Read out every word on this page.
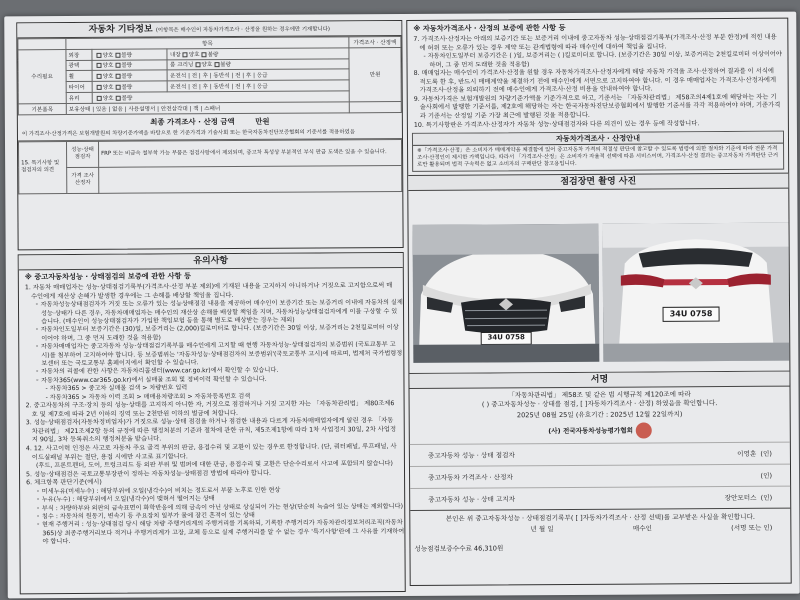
자동차 기타정보 (이항목은 매수인이 자동차가격조사 · 산정을 원하는 경우에만 기재합니다)
	항목			가격조사 · 산정액
수리필요	외장	양호 불량	내장 양호 불량	만원
	광택	양호 불량	룸 크리닝 양호 불량	
	휠	양호 불량	운전석 | 전 | 후 | 동반석 | 전 | 후 | 응급	
	타이어	양호 불량	운전석 | 전 | 후 | 동반석 | 전 | 후 | 응급	
	유리	양호 불량		
기본품목	보유상태 | 있음 | 없음 | 사용설명서 | 안전삼각대 | 잭 | 스패너			
최종 가격조사 · 산정 금액	만원
이 가격조사·산정가격은 보험개발원의 차량기준가액을 바탕으로 한 기준가격과 기술사회 또는 한국자동차진단보증협회의 기준서를 적용하였음
15. 특기사항 및 점검자의 의견	성능·상태 점검자	FRP 또는 비금속 철부착 가능 부품은 점검사항에서 제외되며, 중고차 특성상 부분적인 부식 판금 도색은 있을 수 있습니다.
	가격 조사 산정자	
유의사항
※ 중고자동차성능 · 상태점검의 보증에 관한 사항 등
1. 자동차 매매업자는 성능·상태점검기록부(가격조사·산정 부분 제외)에 기재된 내용을 고지하지 아니하거나 거짓으로 고지함으로써 매수인에게 재산상 손해가 발생한 경우에는 그 손해를 배상할 책임을 집니다.
◦ 자동차성능상태점검자가 거짓 또는 오류가 있는 성능상태점검 내용을 제공하여 매수인이 보증기간 또는 보증거리 이내에 자동차의 실제 성능·상태가 다른 경우, 자동차매매업자는 매수인의 재산상 손해를 배상할 책임을 지며, 자동차성능상태점검자에게 이를 구상할 수 있습니다. (매수인이 성능상태점검자가 가입한 책임보험 등을 통해 별도로 배상받는 경우는 제외)
◦ 자동차인도일부터 보증기간은 (30)일, 보증거리는 (2,000)킬로미터로 합니다. (보증기간은 30일 이상, 보증거리는 2천킬로미터 이상이어야 하며, 그 중 먼저 도래한 것을 적용함)
◦ 자동차매매업자는 중고자동차 성능·상태점검기록부를 매수인에게 고지할 때 현행 자동차성능·상태점검자의 보증범위 (국토교통부 고시)를 첨부하여 고지하여야 합니다. 등 보증범위는 '자동차성능·상태점검자의 보증범위'(국토교통부 고시)에 따르며, 법제처 국가법령정보센터 또는 국토교통부 홈페이지에서 확인할 수 있습니다.
◦ 자동차의 리콜에 관한 사항은 자동차리콜센터(www.car.go.kr)에서 확인할 수 있습니다.
◦ 자동차365(www.car365.go.kr)에서 실매물 조회 및 정비이력 확인할 수 있습니다.
- 자동차365 > 중고차 실매물 검색 > 차량번호 입력
- 자동차365 > 자동차 이력 조회 > 매매용차량조회 > 자동차등록번호 검색
2. 중고자동차의 구조·장치 등의 성능·상태를 고지하지 아니한 자, 거짓으로 점검하거나 거짓 고지한 자는 「자동차관리법」 제80조제6호 및 제7호에 따라 2년 이하의 징역 또는 2천만원 이하의 벌금에 처합니다.
3. 성능·상태점검자(자동차정비업자)가 거짓으로 성능·상태 점검을 하거나 점검한 내용과 다르게 자동차매매업자에게 알린 경우 「자동차관리법」 제21조제2항 등의 규정에 따른 행정처분의 기준과 절차에 관한 규칙, 제5조제1항에 따라 1차 사업정지 30일, 2차 사업정지 90일, 3차 등록취소의 행정처분을 받습니다.
4. 12. 사고이력 인정은 사고로 자동차 주요 골격 부위의 판금, 용접수리 및 교환이 있는 경우로 한정합니다. (단, 쿼터패널, 루프패널, 사이드실패널 부위는 절단, 용접 시에만 사고로 표기합니다.
(후드, 프론트펜더, 도어, 트렁크리드 등 외판 부위 및 범퍼에 대한 판금, 용접수리 및 교환은 단순수리로서 사고에 포함되지 않습니다)
5. 성능·상태점검은 국토교통부장관이 정하는 자동차성능·상태점검 방법에 따라야 합니다.
6. 체크항목 판단기준(예시)
◦ 미세누유(미세누수) : 해당부위에 오일(냉각수)이 비치는 정도로서 부품 노후로 인한 현상
◦ 누유(누수) : 해당부위에서 오일(냉각수)이 맺혀서 떨어지는 상태
◦ 부식 : 차량하부와 외판의 금속표면이 화학반응에 의해 금속이 아닌 상태로 상실되어 가는 현상(단순히 녹슬어 있는 상태는 제외합니다)
◦ 침수 : 자동차의 원동기, 변속기 등 주요장치 일부가 물에 잠긴 흔적이 있는 상태
◦ 현재 주행거리 : 성능·상태점검 당시 해당 차량 주행거리계의 주행거리를 기록하되, 기록한 주행거리가 자동차관리정보처리조직(자동차365)상 최종주행거리보다 적거나 주행거리계가 고장, 교체 등으로 실제 주행거리를 알 수 없는 경우 '특기사항'란에 그 사유를 기재하여야 합니다.
※ 자동차가격조사 · 산정의 보증에 관한 사항 등
7. 가격조사·산정자는 아래의 보증기간 또는 보증거리 이내에 중고자동차 성능·상태점검기록부(가격조사·산정 부분 한정)에 적힌 내용에 허위 또는 오류가 있는 경우 계약 또는 관계법령에 따라 매수인에 대하여 책임을 집니다.
- 자동차인도일부터 보증기간은 ( )일, 보증거리는 ( )킬로미터로 합니다. (보증기간은 30일 이상, 보증거리는 2천킬로미터 이상이어야 하며, 그 중 먼저 도래한 것을 적용함)
8. 매매업자는 매수인이 가격조사·산정을 원할 경우 자동차가격조사·산정자에게 해당 자동차 가격을 조사·산정하여 결과를 이 서식에 적도록 한 후, 반드시 매매계약을 체결하기 전에 매수인에게 서면으로 고지하여야 합니다. 이 경우 매매업자는 가격조사·산정자에게 가격조사·산정을 의뢰하기 전에 매수인에게 가격조사·산정 비용을 안내하여야 합니다.
9. 자동차가격은 보험개발원의 차량기준가액을 기준가격으로 하고, 기준서는 「자동차관리법」 제58조의4제1호에 해당하는 자는 기술사회에서 발행한 기준서를, 제2호에 해당하는 자는 한국자동차진단보증협회에서 발행한 기준서를 각각 적용하여야 하며, 기준가격과 기준서는 산정일 기준 가장 최근에 발행된 것을 적용합니다.
10. 특기사항란은 가격조사·산정자가 자동차 성능·상태점검자와 다른 의견이 있는 경우 등에 작성합니다.
자동차가격조사 · 산정안내
※「가격조사·산정」은 소비자가 매매계약을 체결함에 있어 중고자동차 가격의 적절성 판단에 참고할 수 있도록 법령에 의한 절차와 기준에 따라 전문 가격조사·산정인이 제시한 가액입니다. 따라서 「가격조사·산정」은 소비자가 자율적 선택에 따른 서비스이며, 가격조사·산정 결과는 중고자동차 가격판단 근거로만 활용되며 법적 구속력은 없고 소비자의 구매판단 참고용입니다.
점검장면 촬영 사진
34U 0758
34U 0758
서명
「자동차관리법」 제58조 및 같은 법 시행규칙 제120조에 따라
( ) 중고자동차성능 · 상태를 점검, [ ]자동차가격조사 · 산정) 하였음을 확인합니다.
2025년 08월 25일 (유효기간 : 2025년 12월 22일까지)
(사) 전국자동차성능평가협회
중고자동차 성능 · 상태 점검자	이영훈 (인)
중고자동차 가격조사 · 산정자	(인)
중고자동차 성능 · 상태 고지자	장안모터스 (인)
본인은 위 중고자동차성능 · 상태점검기록부( [ ]자동차가격조사 · 산정 선택)를 교부받은 사실을 확인합니다.
년 월 일	매수인	(서명 또는 인)
성능점검보증수수료 46,310원
